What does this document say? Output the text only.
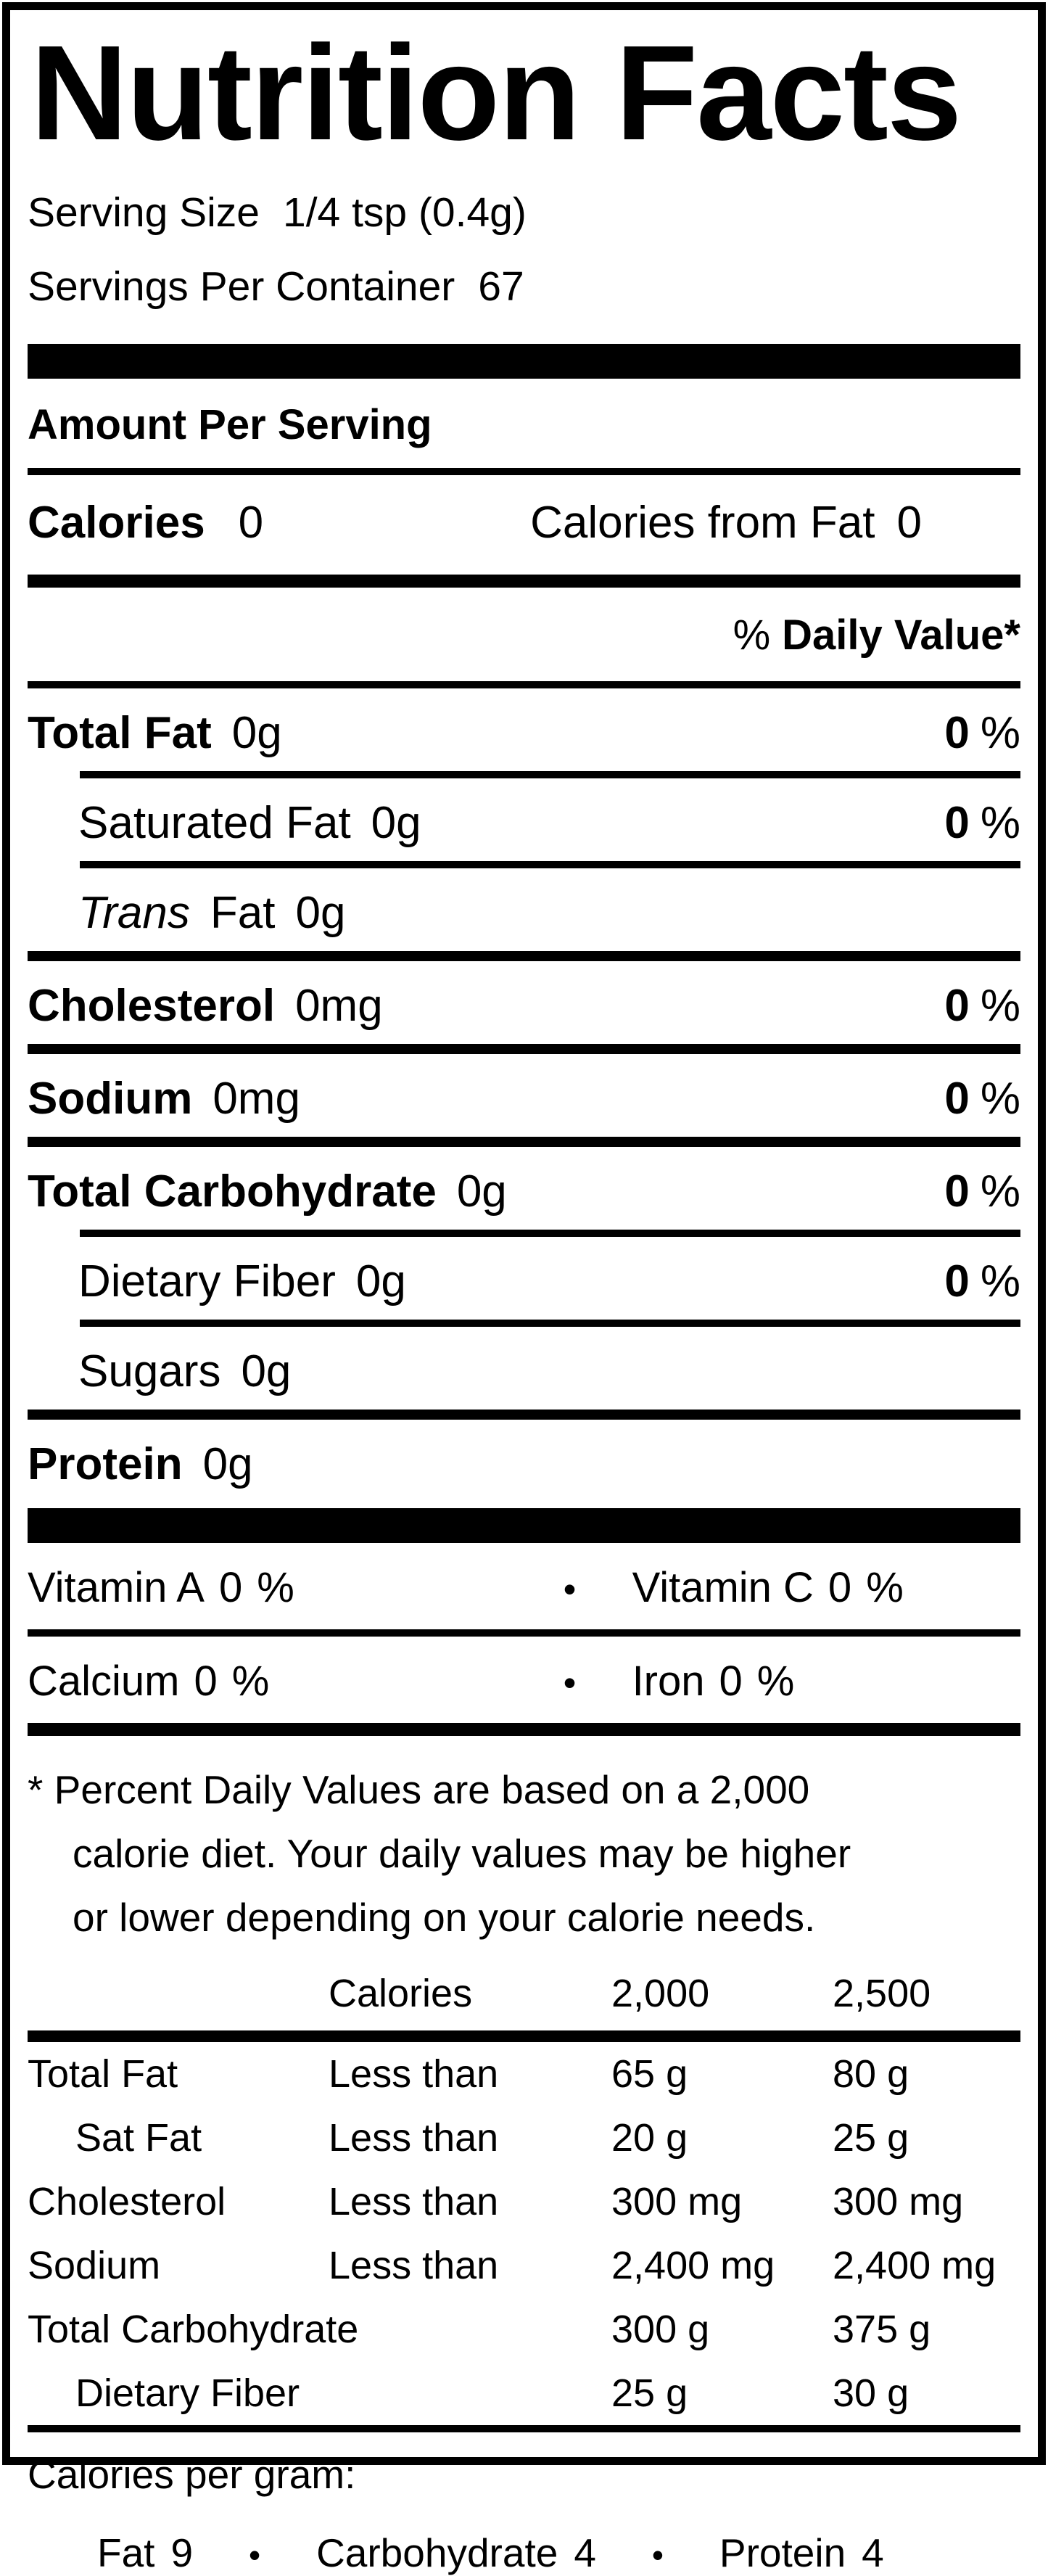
Nutrition Facts
Serving Size 1/4 tsp (0.4g)
Servings Per Container 67
Amount Per Serving
Calories 0	Calories from Fat 0
% Daily Value*
Total Fat 0g	0 %
Saturated Fat 0g	0 %
Trans Fat 0g
Cholesterol 0mg	0 %
Sodium 0mg	0 %
Total Carbohydrate 0g	0 %
Dietary Fiber 0g	0 %
Sugars 0g
Protein 0g
Vitamin A 0 %	• Vitamin C 0 %
Calcium 0 %	• Iron 0 %
* Percent Daily Values are based on a 2,000
calorie diet. Your daily values may be higher
or lower depending on your calorie needs.
Calories	2,000	2,500
Total Fat	Less than	65 g	80 g
Sat Fat	Less than	20 g	25 g
Cholesterol	Less than	300 mg	300 mg
Sodium	Less than	2,400 mg	2,400 mg
Total Carbohydrate	300 g	375 g
Dietary Fiber	25 g	30 g
Calories per gram:
Fat 9	•	Carbohydrate 4	•	Protein 4
